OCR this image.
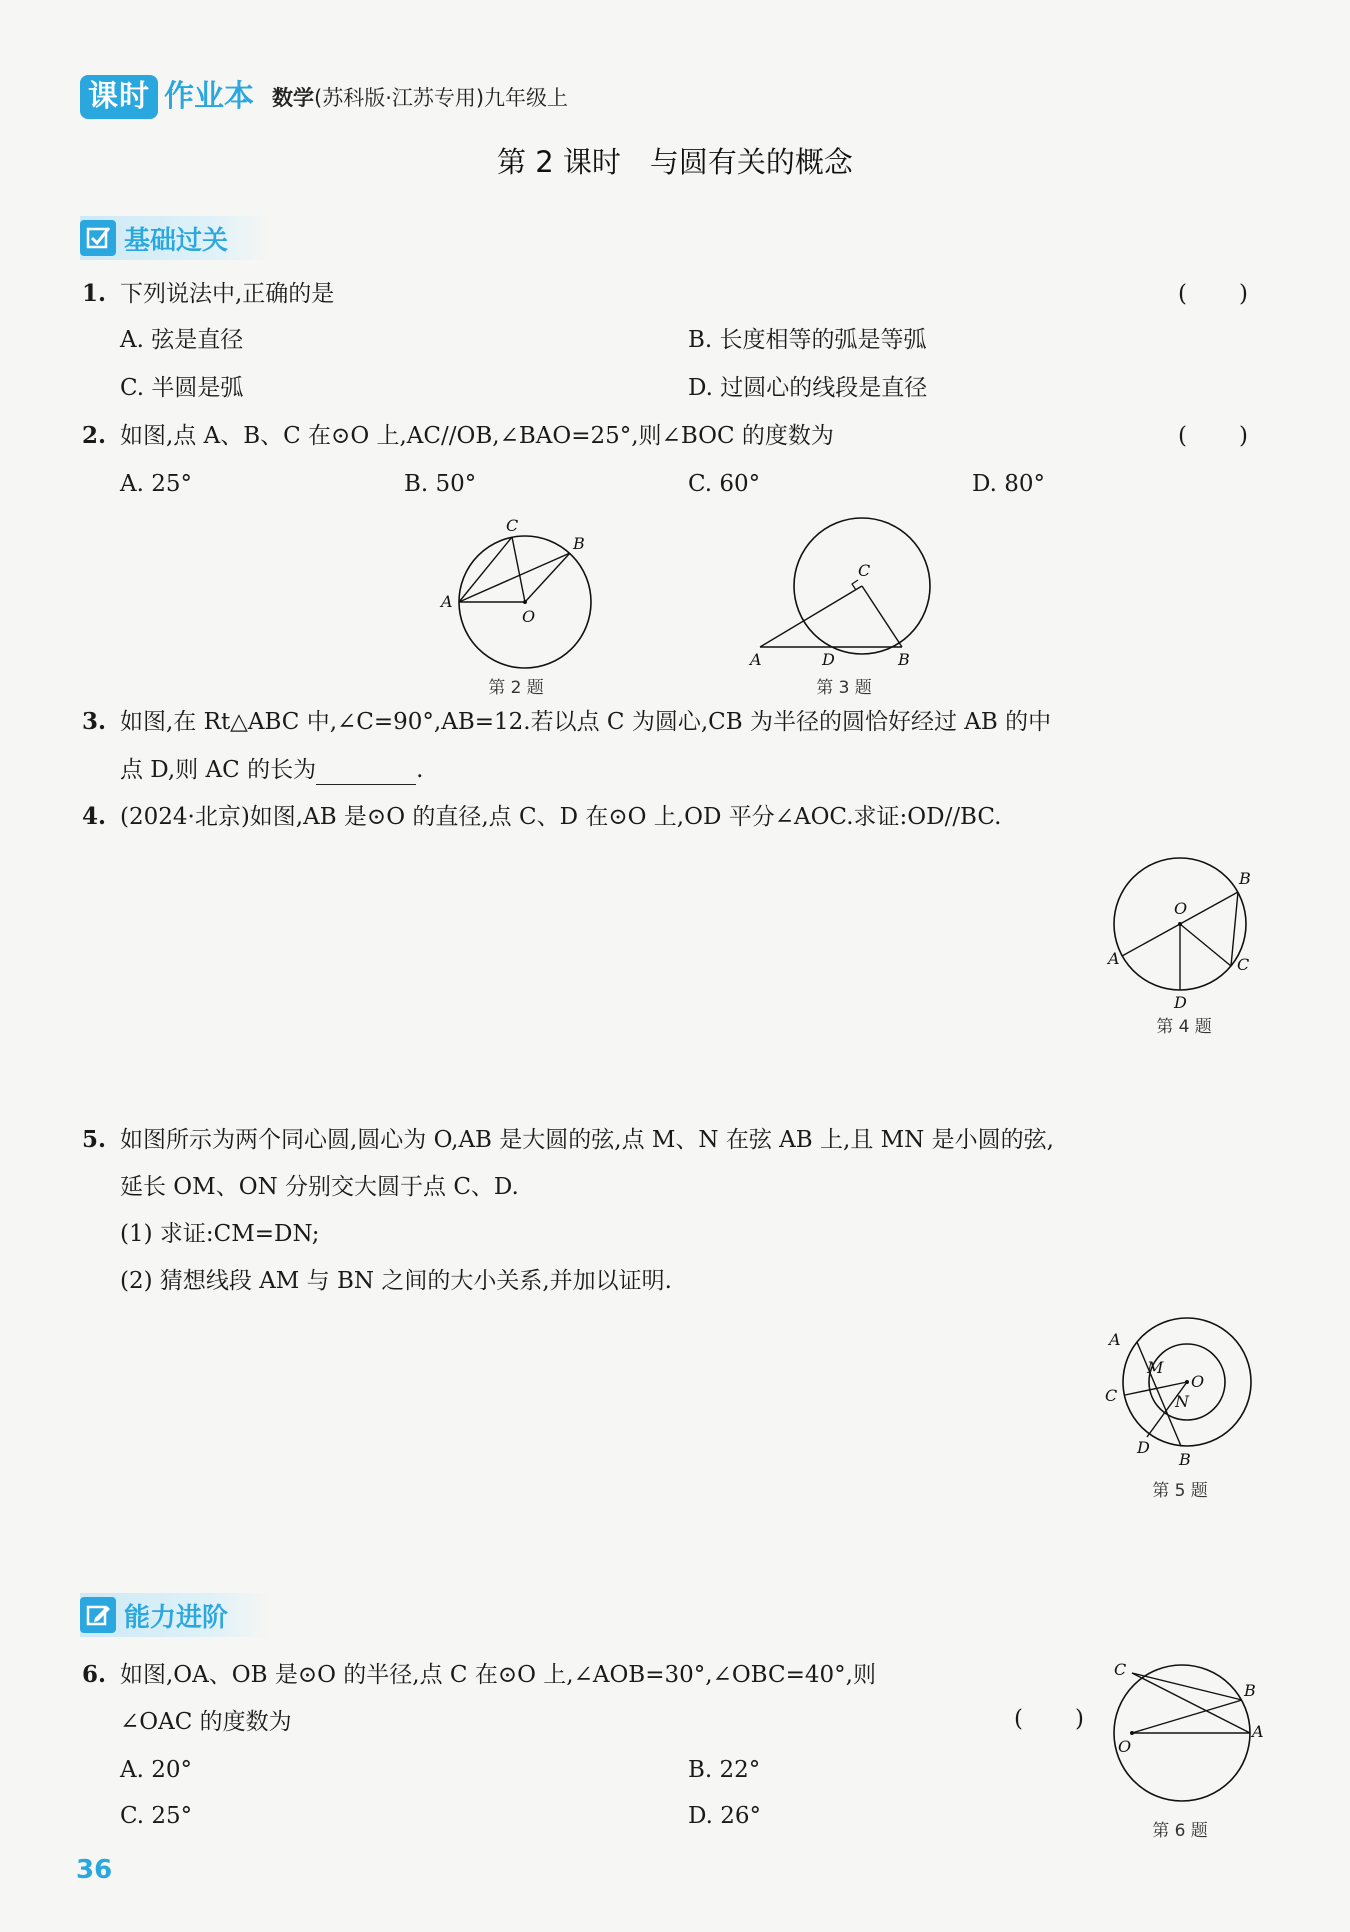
课时 作业本 数学(苏科版·江苏专用)九年级上
第 2 课时　与圆有关的概念
基础过关
1. 下列说法中,正确的是	(　　)
A. 弦是直径	B. 长度相等的弧是等弧
C. 半圆是弧	D. 过圆心的线段是直径
2. 如图,点 A、B、C 在⊙O 上,AC//OB,∠BAO=25°,则∠BOC 的度数为	(　　)
A. 25°	B. 50°	C. 60°	D. 80°
C
B
A
O
第 2 题
C
A	D	B
第 3 题
3. 如图,在 Rt△ABC 中,∠C=90°,AB=12.若以点 C 为圆心,CB 为半径的圆恰好经过 AB 的中
点 D,则 AC 的长为	.
4. (2024·北京)如图,AB 是⊙O 的直径,点 C、D 在⊙O 上,OD 平分∠AOC.求证:OD//BC.
B
O
A	C
D
第 4 题
5. 如图所示为两个同心圆,圆心为 O,AB 是大圆的弦,点 M、N 在弦 AB 上,且 MN 是小圆的弦,
延长 OM、ON 分别交大圆于点 C、D.
(1) 求证:CM=DN;
(2) 猜想线段 AM 与 BN 之间的大小关系,并加以证明.
A
M
O
C	N
D
B
第 5 题
能力进阶
6. 如图,OA、OB 是⊙O 的半径,点 C 在⊙O 上,∠AOB=30°,∠OBC=40°,则
∠OAC 的度数为	(　　)
A. 20°	B. 22°
C. 25°	D. 26°
C
B
O
A
第 6 题
36
